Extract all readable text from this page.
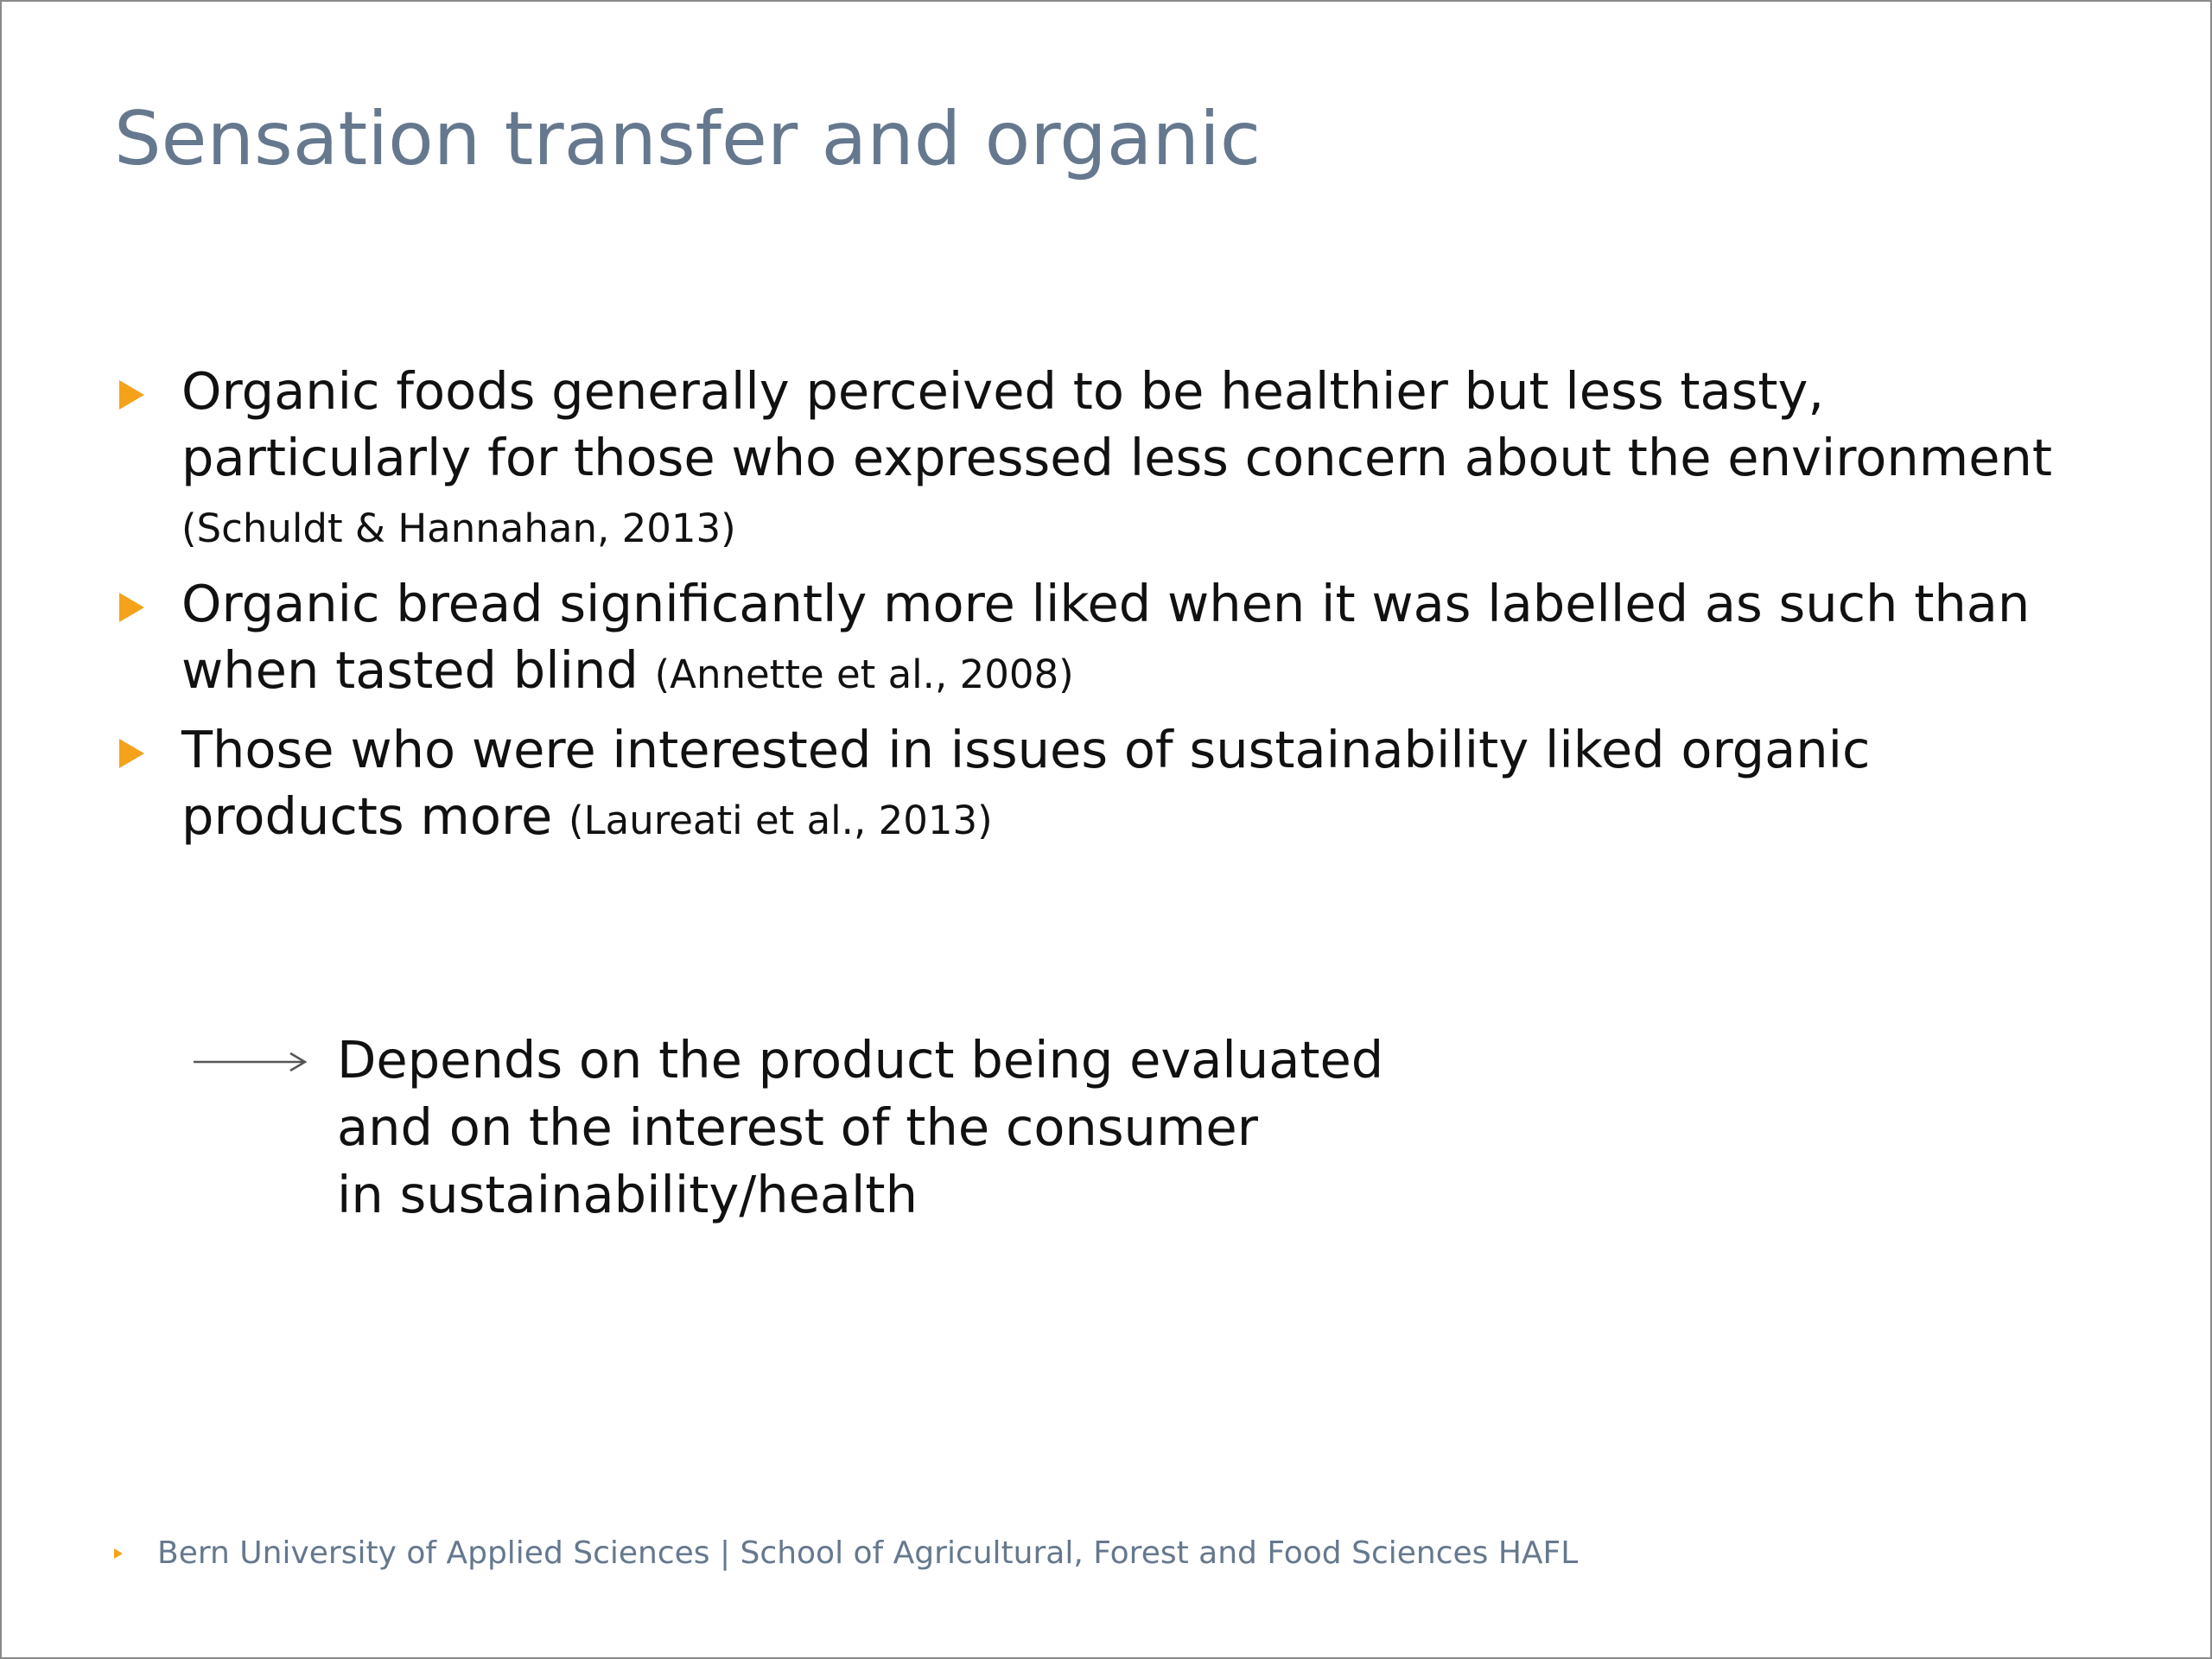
Sensation transfer and organic
Organic foods generally perceived to be healthier but less tasty, particularly for those who expressed less concern about the environment (Schuldt & Hannahan, 2013)
Organic bread significantly more liked when it was labelled as such than when tasted blind (Annette et al., 2008)
Those who were interested in issues of sustainability liked organic products more (Laureati et al., 2013)
Depends on the product being evaluated
and on the interest of the consumer
in sustainability/health
Bern University of Applied Sciences | School of Agricultural, Forest and Food Sciences HAFL
